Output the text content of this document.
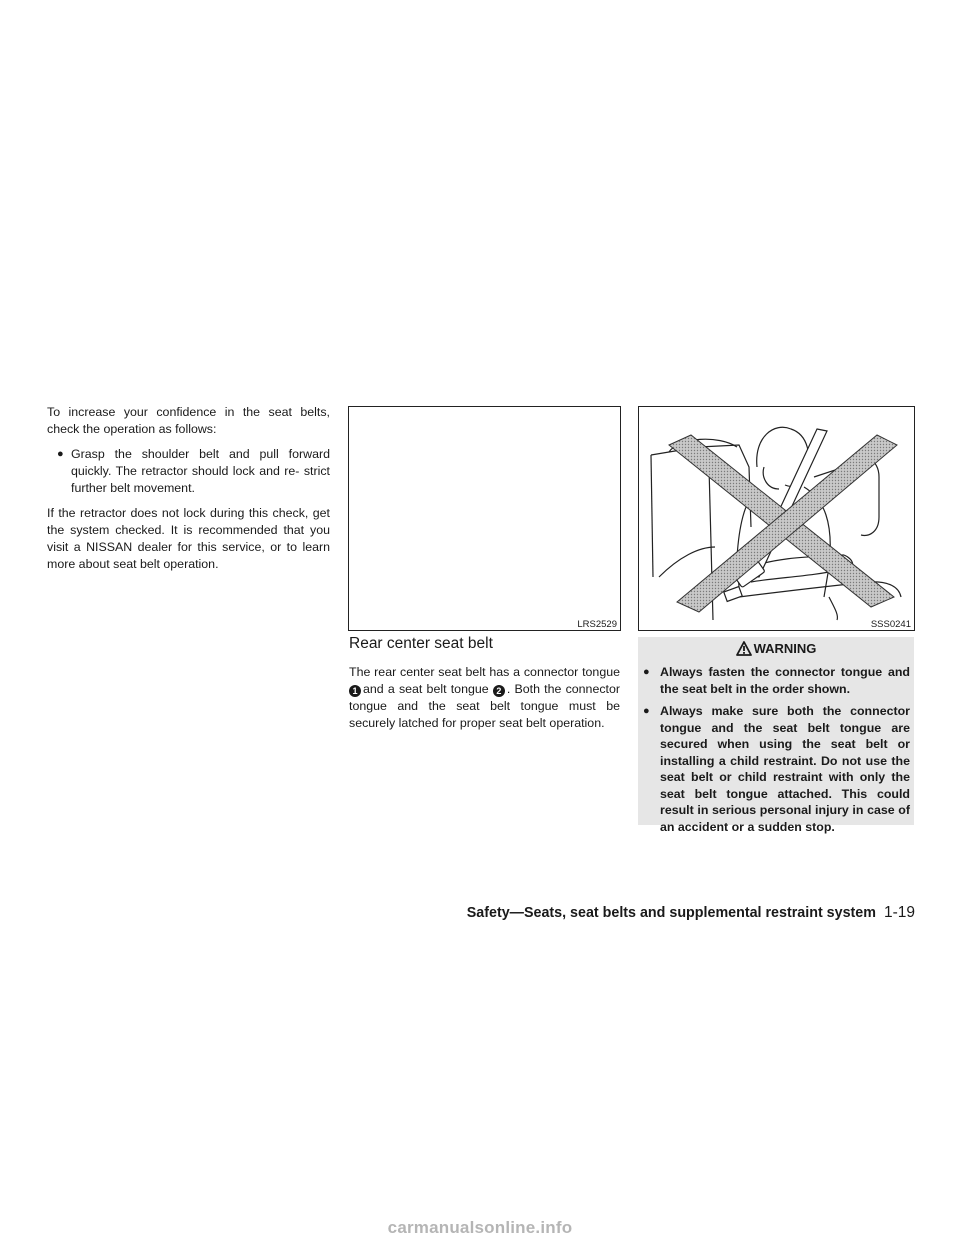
To increase your confidence in the seat belts, check the operation as follows:

● Grasp the shoulder belt and pull forward quickly. The retractor should lock and re- strict further belt movement.

If the retractor does not lock during this check, get the system checked. It is recommended that you visit a NISSAN dealer for this service, or to learn more about seat belt operation.

LRS2529	SSS0241
Rear center seat belt

The rear center seat belt has a connector tongue 1 and a seat belt tongue 2 . Both the connector tongue and the seat belt tongue must be securely latched for proper seat belt operation.

WARNING
● Always fasten the connector tongue and the seat belt in the order shown.
● Always make sure both the connector tongue and the seat belt tongue are secured when using the seat belt or installing a child restraint. Do not use the seat belt or child restraint with only the seat belt tongue attached. This could result in serious personal injury in case of an accident or a sudden stop.
Safety—Seats, seat belts and supplemental restraint system 1-19
carmanualsonline.info
